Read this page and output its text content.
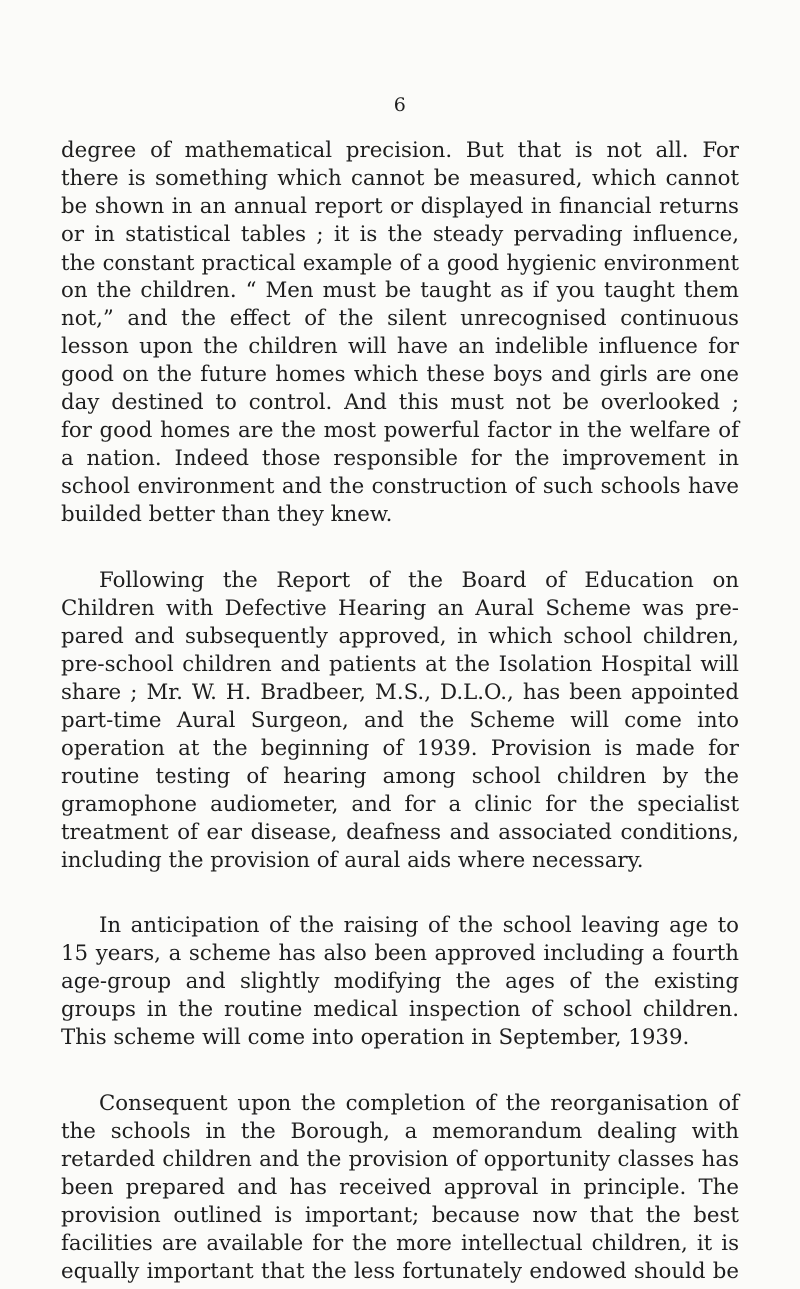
6
degree of mathematical precision. But that is not all. For
there is something which cannot be measured, which cannot
be shown in an annual report or displayed in financial returns
or in statistical tables ; it is the steady pervading influence,
the constant practical example of a good hygienic environment
on the children. “ Men must be taught as if you taught them
not,” and the effect of the silent unrecognised continuous
lesson upon the children will have an indelible influence for
good on the future homes which these boys and girls are one
day destined to control. And this must not be overlooked ;
for good homes are the most powerful factor in the welfare of
a nation. Indeed those responsible for the improvement in
school environment and the construction of such schools have
builded better than they knew.
Following the Report of the Board of Education on
Children with Defective Hearing an Aural Scheme was pre-
pared and subsequently approved, in which school children,
pre-school children and patients at the Isolation Hospital will
share ; Mr. W. H. Bradbeer, M.S., D.L.O., has been appointed
part-time Aural Surgeon, and the Scheme will come into
operation at the beginning of 1939. Provision is made for
routine testing of hearing among school children by the
gramophone audiometer, and for a clinic for the specialist
treatment of ear disease, deafness and associated conditions,
including the provision of aural aids where necessary.
In anticipation of the raising of the school leaving age to
15 years, a scheme has also been approved including a fourth
age-group and slightly modifying the ages of the existing
groups in the routine medical inspection of school children.
This scheme will come into operation in September, 1939.
Consequent upon the completion of the reorganisation of
the schools in the Borough, a memorandum dealing with
retarded children and the provision of opportunity classes has
been prepared and has received approval in principle. The
provision outlined is important; because now that the best
facilities are available for the more intellectual children, it is
equally important that the less fortunately endowed should be
